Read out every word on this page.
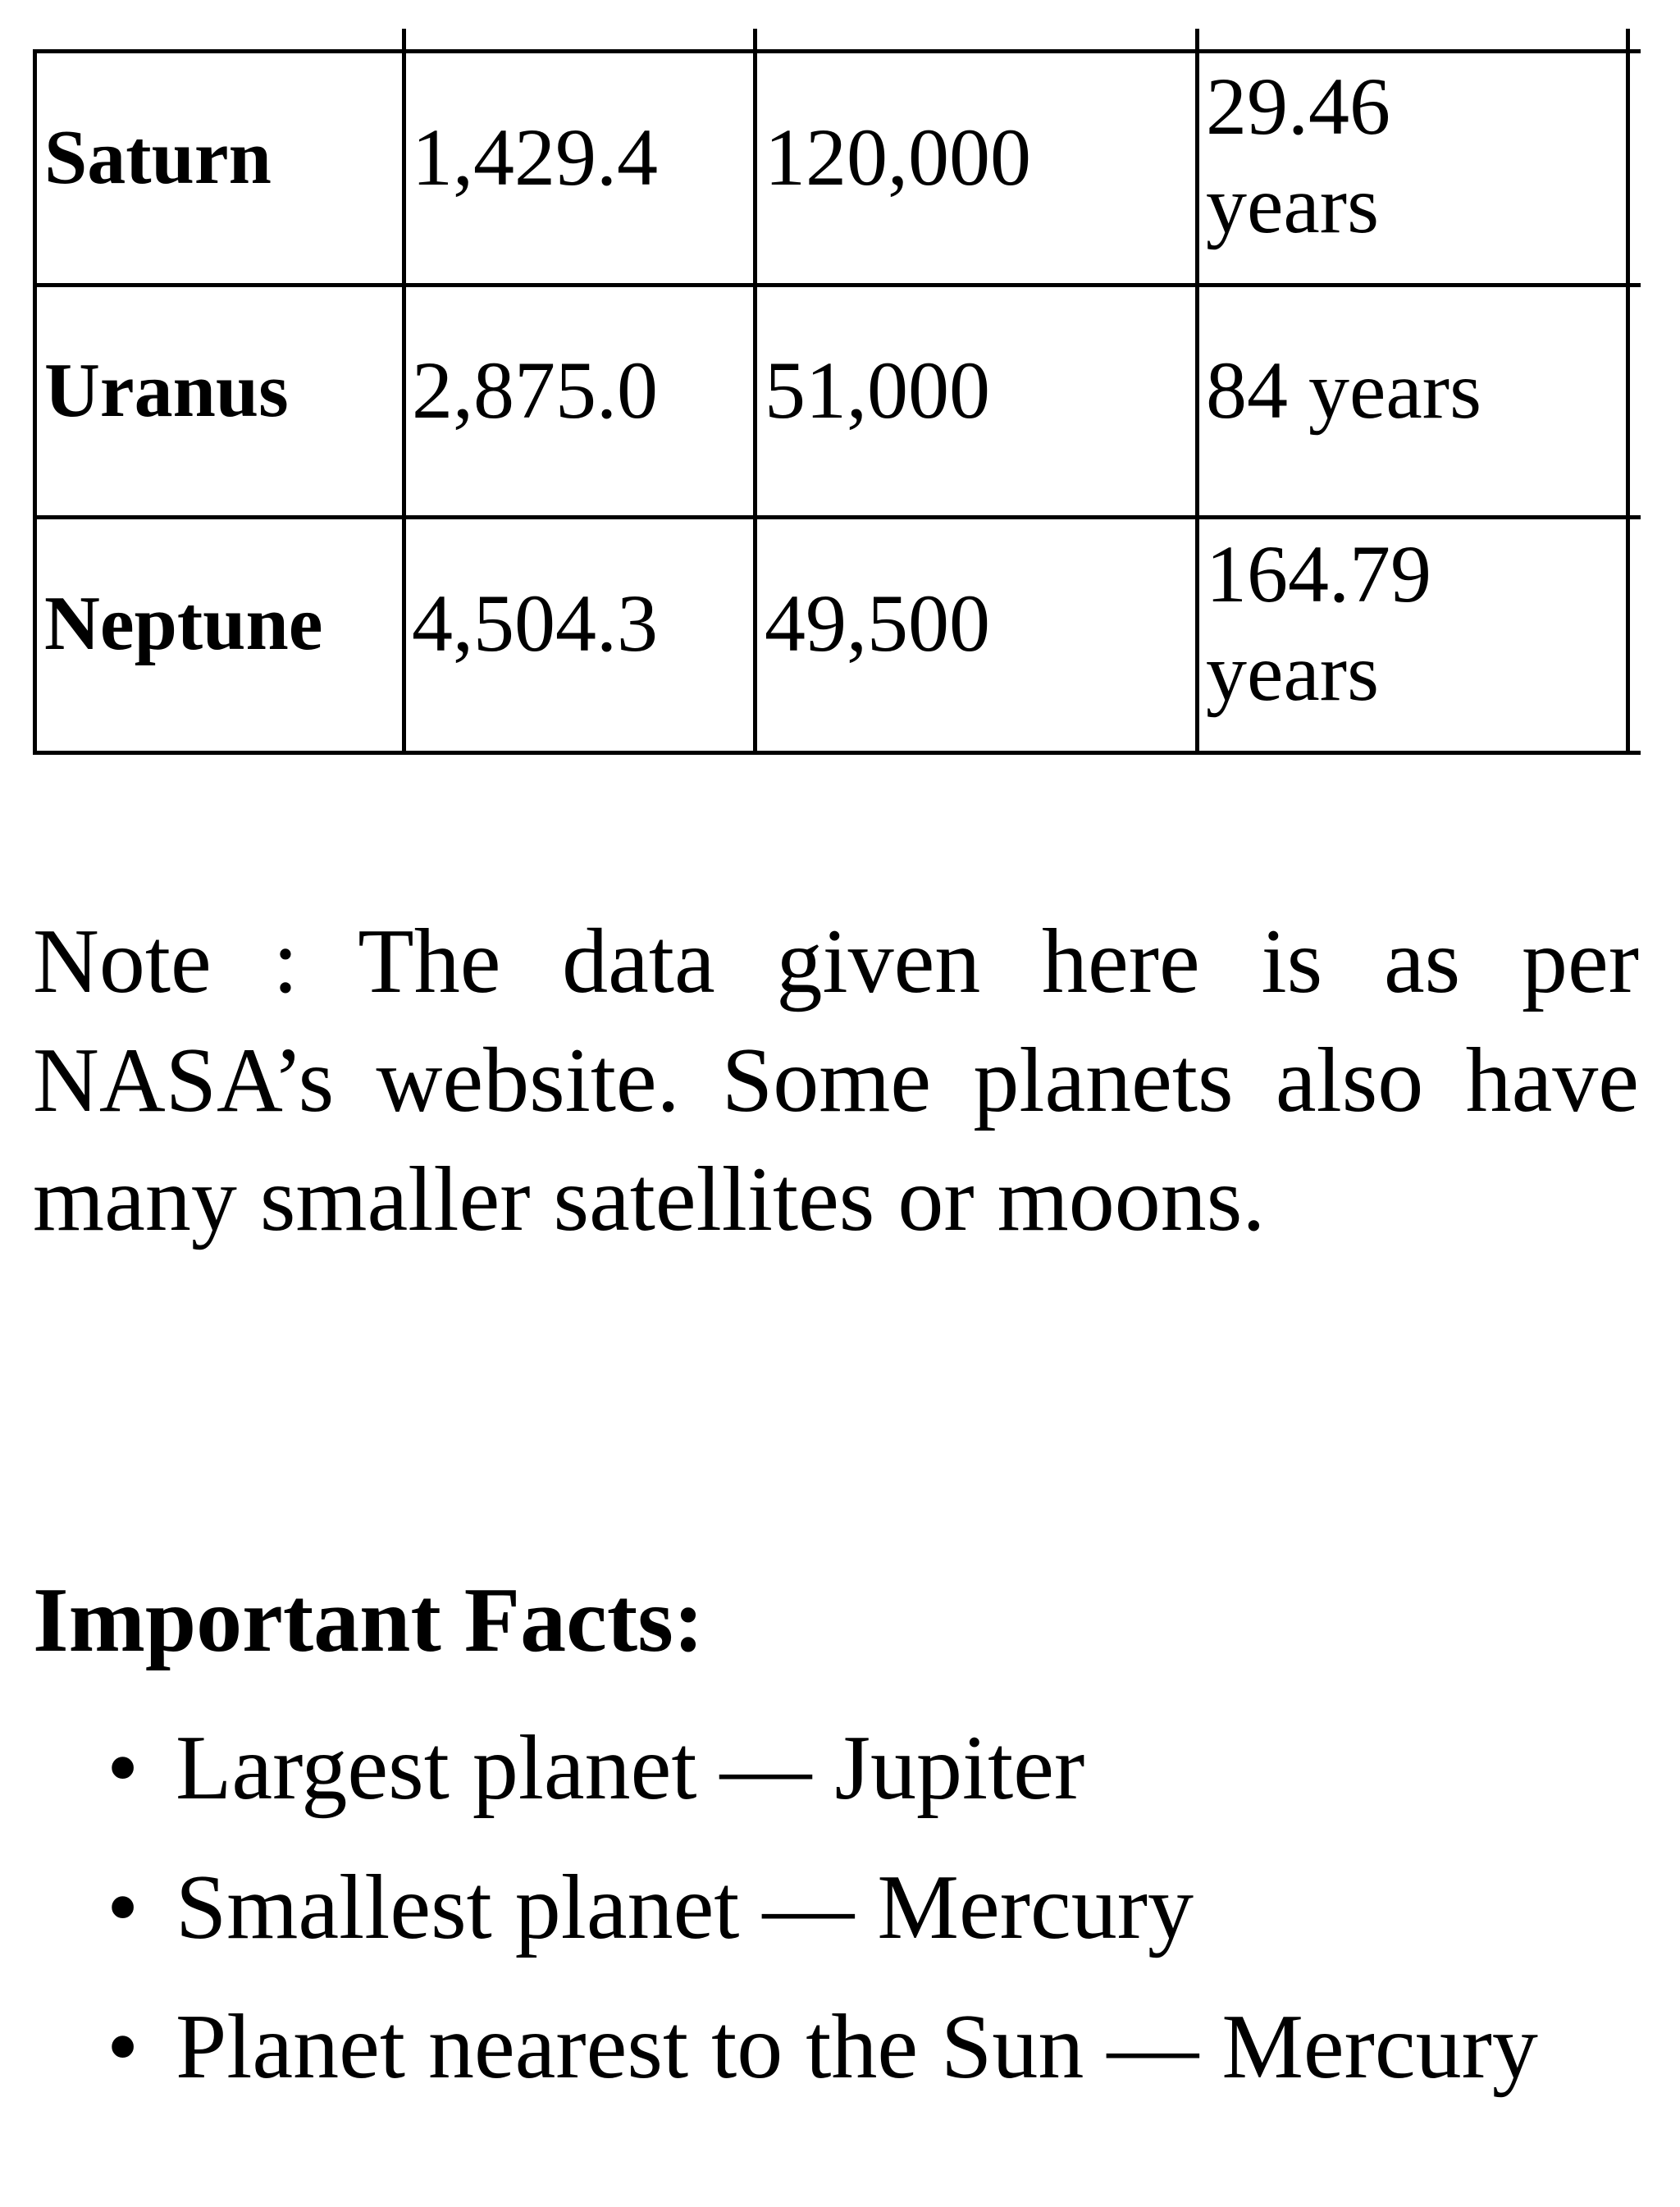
Saturn 1,429.4 120,000
29.46
years
Uranus 2,875.0 51,000	84 years
Neptune 4,504.3 49,500
164.79
years

Note : The data given here is as per NASA’s website. Some planets also have many smaller satellites or moons.

Important Facts:
• Largest planet — Jupiter
• Smallest planet — Mercury
• Planet nearest to the Sun — Mercury
